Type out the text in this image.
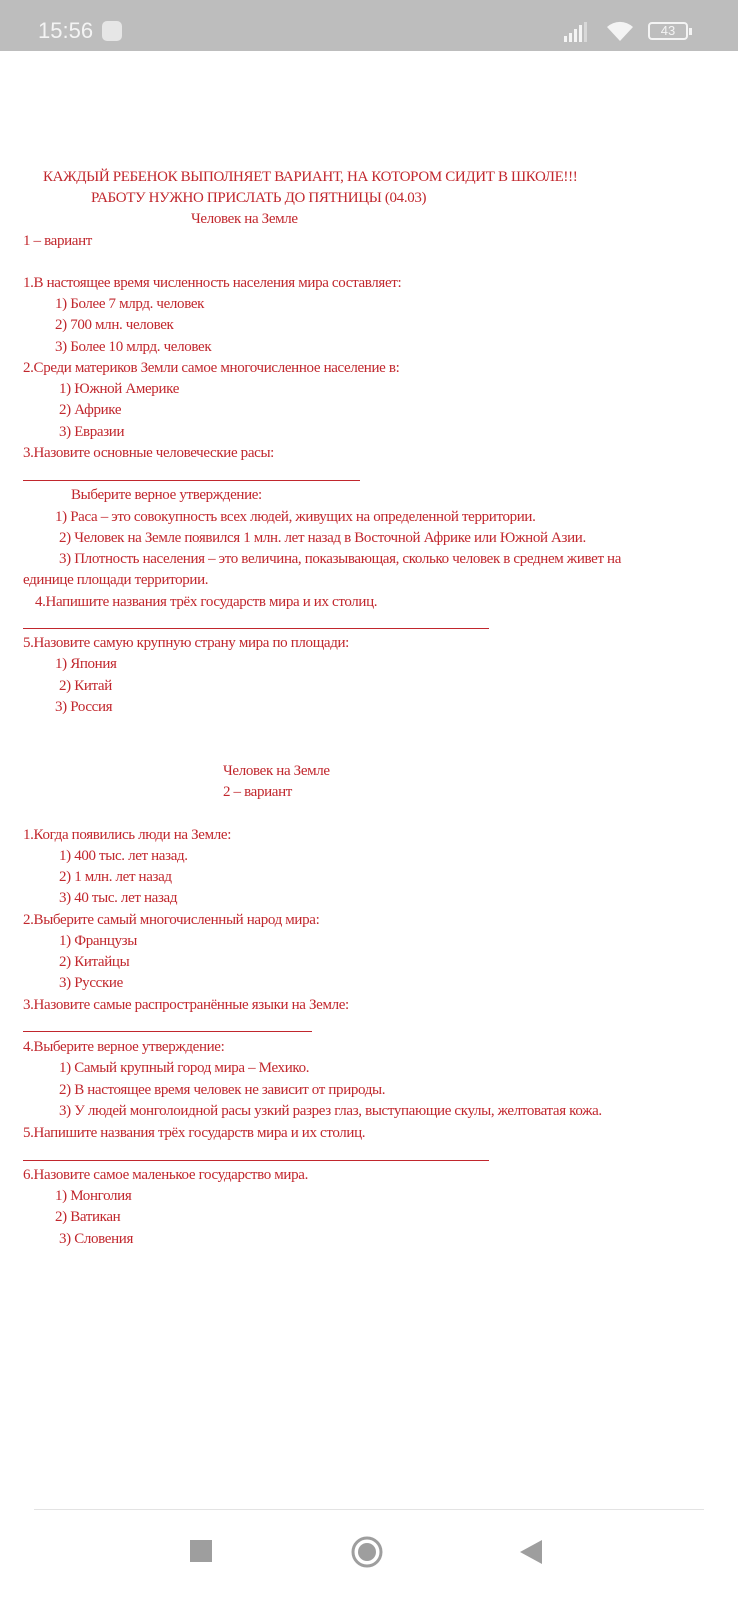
15:56	43
КАЖДЫЙ РЕБЕНОК ВЫПОЛНЯЕТ ВАРИАНТ, НА КОТОРОМ СИДИТ В ШКОЛЕ!!!
РАБОТУ НУЖНО ПРИСЛАТЬ ДО ПЯТНИЦЫ (04.03)
Человек на Земле
1 – вариант
1.В настоящее время численность населения мира составляет:
1) Более 7 млрд. человек
2) 700 млн. человек
3) Более 10 млрд. человек
2.Среди материков Земли самое многочисленное население в:
1) Южной Америке
2) Африке
3) Евразии
3.Назовите основные человеческие расы:
Выберите верное утверждение:
1) Раса – это совокупность всех людей, живущих на определенной территории.
2) Человек на Земле появился 1 млн. лет назад в Восточной Африке или Южной Азии.
3) Плотность населения – это величина, показывающая, сколько человек в среднем живет на
единице площади территории.
4.Напишите названия трёх государств мира и их столиц.
5.Назовите самую крупную страну мира по площади:
1) Япония
2) Китай
3) Россия
Человек на Земле
2 – вариант
1.Когда появились люди на Земле:
1) 400 тыс. лет назад.
2) 1 млн. лет назад
3) 40 тыс. лет назад
2.Выберите самый многочисленный народ мира:
1) Французы
2) Китайцы
3) Русские
3.Назовите самые распространённые языки на Земле:
4.Выберите верное утверждение:
1) Самый крупный город мира – Мехико.
2) В настоящее время человек не зависит от природы.
3) У людей монголоидной расы узкий разрез глаз, выступающие скулы, желтоватая кожа.
5.Напишите названия трёх государств мира и их столиц.
6.Назовите самое маленькое государство мира.
1) Монголия
2) Ватикан
3) Словения
